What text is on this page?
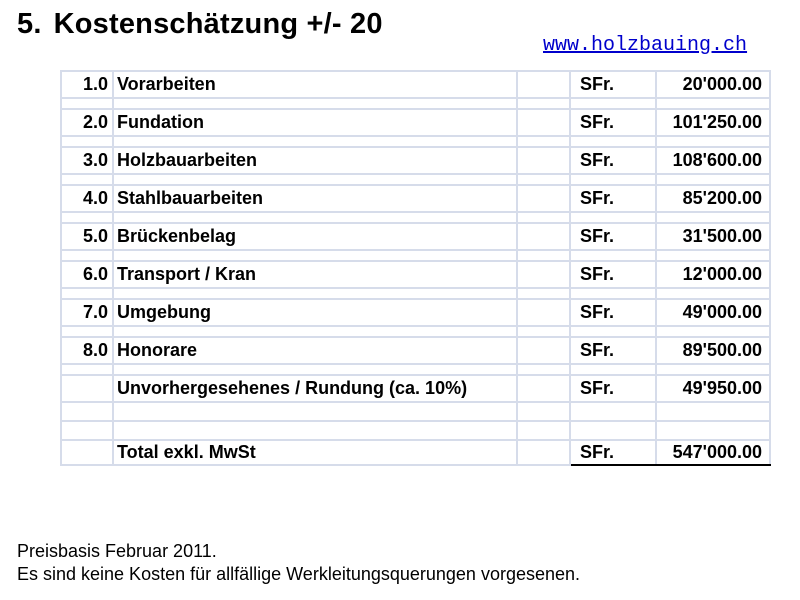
5. Kostenschätzung +/- 20
www.holzbauing.ch
1.0	Vorarbeiten		SFr.	20'000.00

2.0	Fundation		SFr.	101'250.00

3.0	Holzbauarbeiten		SFr.	108'600.00

4.0	Stahlbauarbeiten		SFr.	85'200.00

5.0	Brückenbelag		SFr.	31'500.00

6.0	Transport / Kran		SFr.	12'000.00

7.0	Umgebung		SFr.	49'000.00

8.0	Honorare		SFr.	89'500.00

	Unvorhergesehenes / Rundung (ca. 10%)		SFr.	49'950.00

	Total exkl. MwSt		SFr.	547'000.00
Preisbasis Februar 2011.
Es sind keine Kosten für allfällige Werkleitungsquerungen vorgesenen.
